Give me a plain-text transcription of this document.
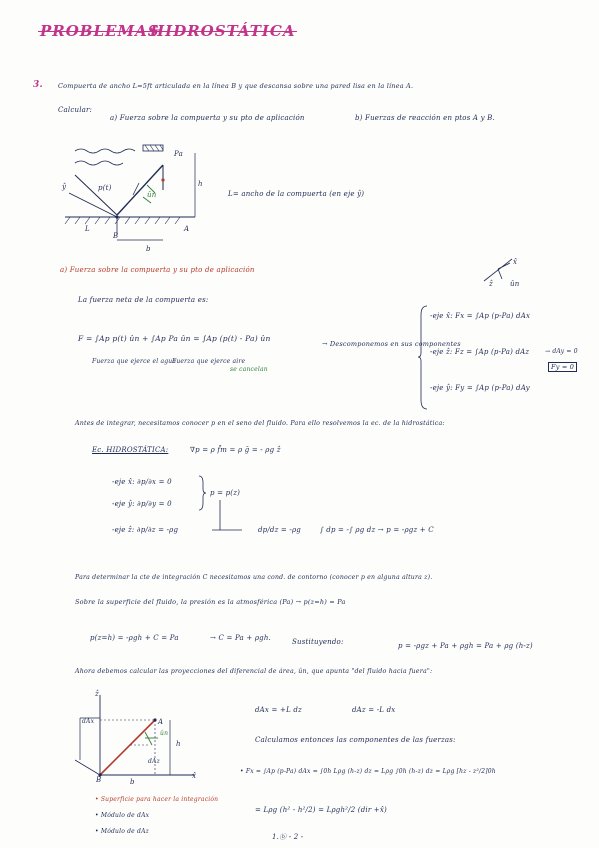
PROBLEMAS
HIDROSTÁTICA
3. Compuerta de ancho L=5ft articulada en la línea B y que descansa sobre una pared lisa en la línea A.
Calcular:
a) Fuerza sobre la compuerta y su pto de aplicación	b) Fuerzas de reacción en ptos A y B.
Pa
h
ŷ
L
B
A
b
p(t)
ûn	L= ancho de la compuerta (en eje ŷ)
a) Fuerza sobre la compuerta y su pto de aplicación
x̂
ẑ ûn
La fuerza neta de la compuerta es:
F = ∫Ap p(t) ûn + ∫Ap Pa ûn = ∫Ap (p(t) - Pa) ûn
Fuerza que ejerce el agua
Fuerza que ejerce aire
se cancelan
→ Descomponemos en sus componentes
-eje x̂: Fx = ∫Ap (p-Pa) dAx
-eje ẑ: Fz = ∫Ap (p-Pa) dAz	→ dAy = 0
Fy = 0
-eje ŷ: Fy = ∫Ap (p-Pa) dAy
Antes de integrar, necesitamos conocer p en el seno del fluido. Para ello resolvemos la ec. de la hidrostática:
Ec. HIDROSTÁTICA:	∇p = ρ f̄m = ρ ḡ = - ρg ẑ
-eje x̂: ∂p/∂x = 0
-eje ŷ: ∂p/∂y = 0
-eje ẑ: ∂p/∂z = -ρg
p = p(z)
dp/dz = -ρg	∫ dp = -∫ ρg dz → p = -ρgz + C
Para determinar la cte de integración C necesitamos una cond. de contorno (conocer p en alguna altura z).
Sobre la superficie del fluido, la presión es la atmosférica (Pa) → p(z=h) = Pa
p(z=h) = -ρgh + C = Pa	→ C = Pa + ρgh.	Sustituyendo:	p = -ρgz + Pa + ρgh = Pa + ρg (h-z)
Ahora debemos calcular las proyecciones del diferencial de área, ûn, que apunta "del fluido hacia fuera":
ẑ
x̂
h
A
B	b
dAx
dAz
ûn
• Superficie para hacer la integración
• Módulo de dAx
• Módulo de dAz
dAx = +L dz	dAz = -L dx
Calculamos entonces las componentes de las fuerzas:
• Fx = ∫Ap (p-Pa) dAx = ∫0h Lρg (h-z) dz = Lρg ∫0h (h-z) dz = Lρg [hz - z²/2]0h
= Lρg (h² - h²/2) = Lρgh²/2 (dir +x̂)
1.ⓑ - 2 -
